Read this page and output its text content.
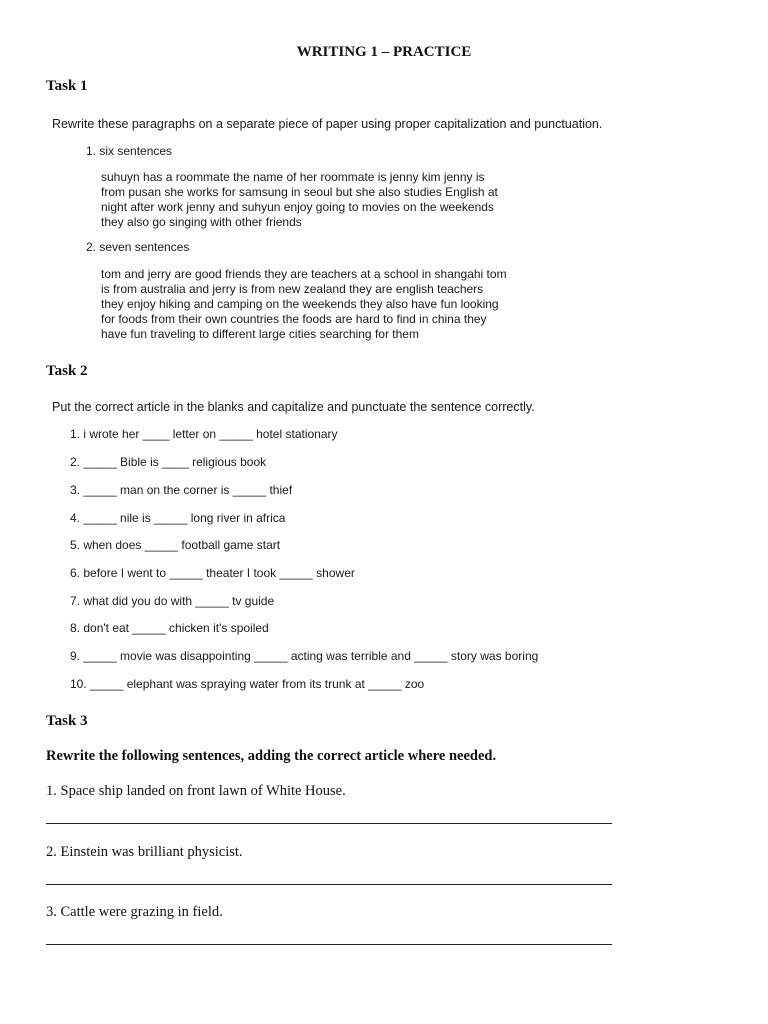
WRITING 1 – PRACTICE
Task 1
Rewrite these paragraphs on a separate piece of paper using proper capitalization and punctuation.
1. six sentences
suhuyn has a roommate the name of her roommate is jenny kim jenny is
from pusan she works for samsung in seoul but she also studies English at
night after work jenny and suhyun enjoy going to movies on the weekends
they also go singing with other friends
2. seven sentences
tom and jerry are good friends they are teachers at a school in shangahi tom
is from australia and jerry is from new zealand they are english teachers
they enjoy hiking and camping on the weekends they also have fun looking
for foods from their own countries the foods are hard to find in china they
have fun traveling to different large cities searching for them
Task 2
Put the correct article in the blanks and capitalize and punctuate the sentence correctly.
1. i wrote her ____ letter on _____ hotel stationary
2. _____ Bible is ____ religious book
3. _____ man on the corner is _____ thief
4. _____ nile is _____ long river in africa
5. when does _____ football game start
6. before I went to _____ theater I took _____ shower
7. what did you do with _____ tv guide
8. don't eat _____ chicken it's spoiled
9. _____ movie was disappointing _____ acting was terrible and _____ story was boring
10. _____ elephant was spraying water from its trunk at _____ zoo
Task 3
Rewrite the following sentences, adding the correct article where needed.
1. Space ship landed on front lawn of White House.
2. Einstein was brilliant physicist.
3. Cattle were grazing in field.
